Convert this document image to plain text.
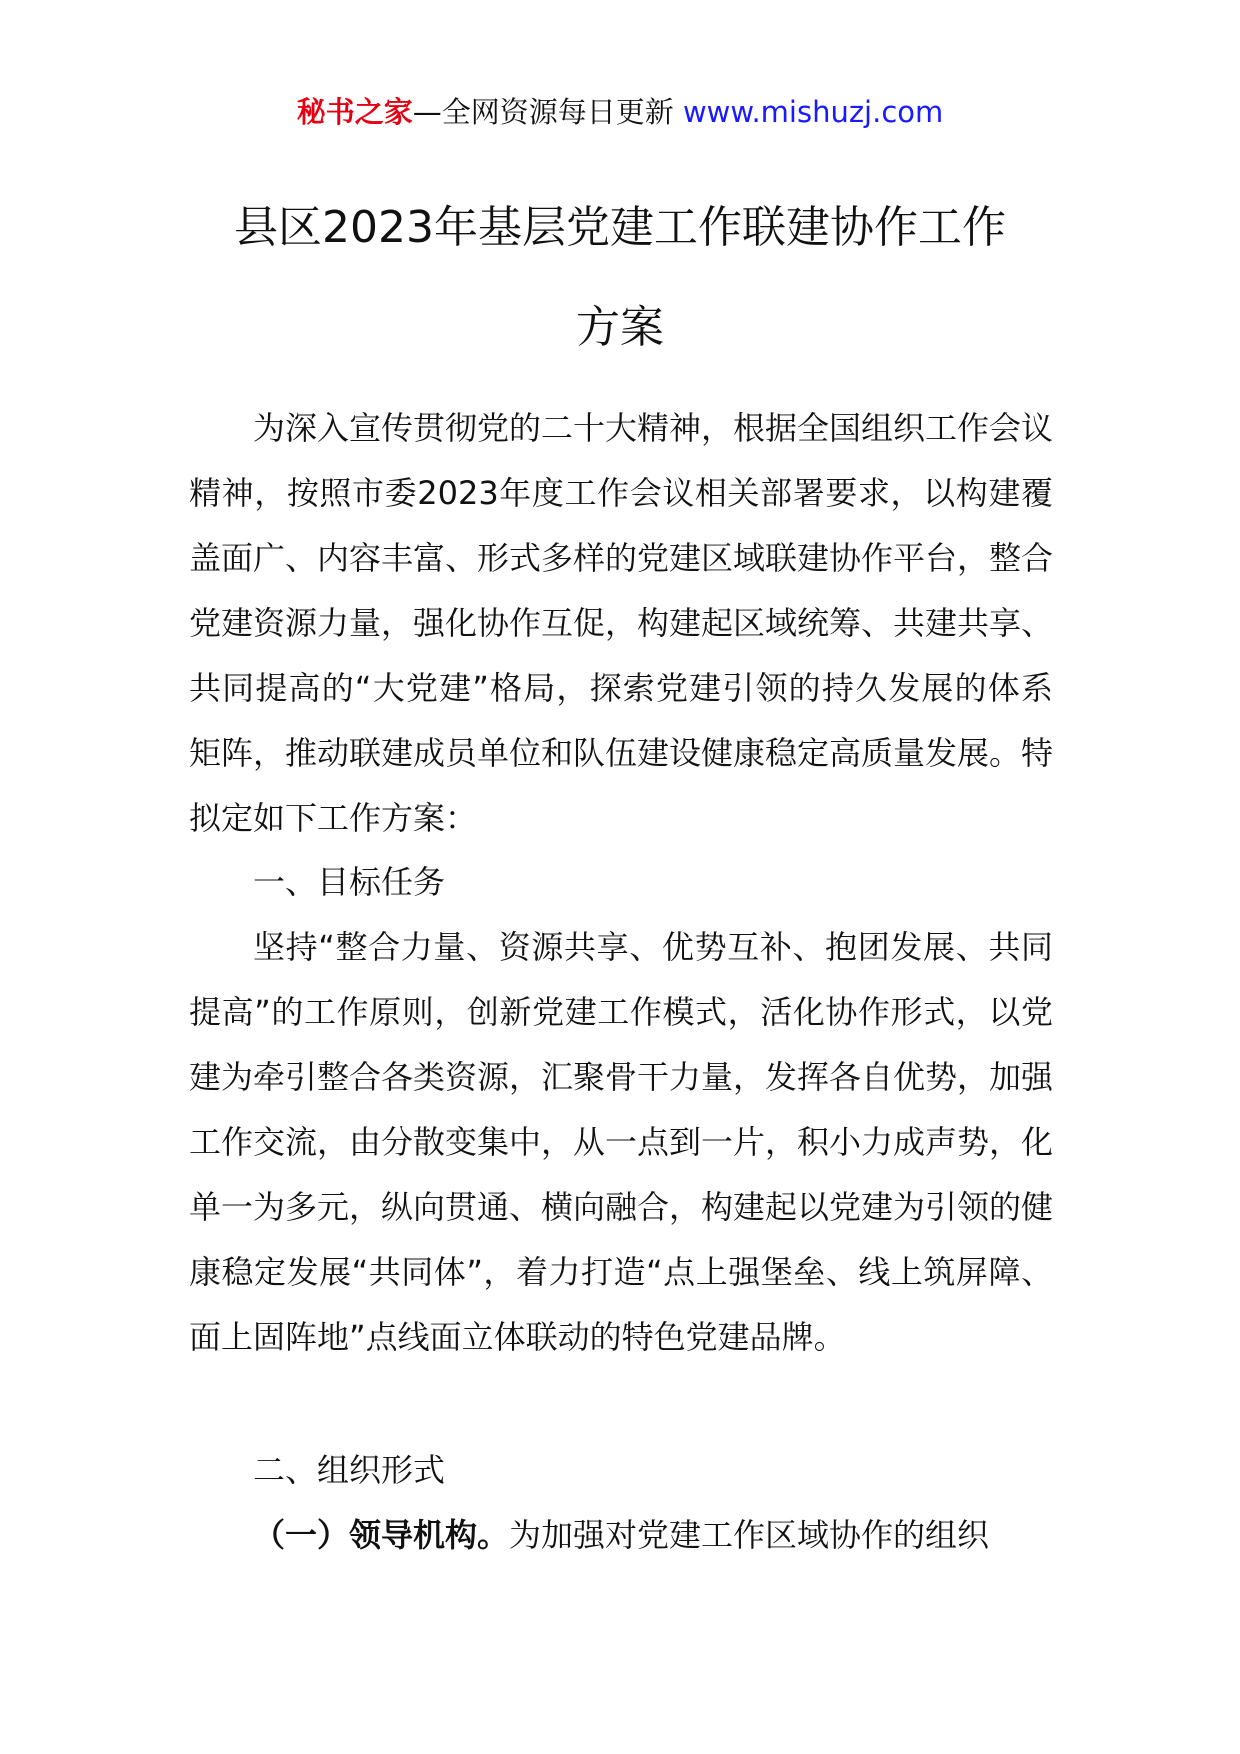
秘书之家—全网资源每日更新 www.mishuzj.com
县区2023年基层党建工作联建协作工作
方案

为深入宣传贯彻党的二十大精神，根据全国组织工作会议精神，按照市委2023年度工作会议相关部署要求，以构建覆盖面广、内容丰富、形式多样的党建区域联建协作平台，整合党建资源力量，强化协作互促，构建起区域统筹、共建共享、共同提高的“大党建”格局，探索党建引领的持久发展的体系矩阵，推动联建成员单位和队伍建设健康稳定高质量发展。特拟定如下工作方案：

一、目标任务

坚持“整合力量、资源共享、优势互补、抱团发展、共同提高”的工作原则，创新党建工作模式，活化协作形式，以党建为牵引整合各类资源，汇聚骨干力量，发挥各自优势，加强工作交流，由分散变集中，从一点到一片，积小力成声势，化单一为多元，纵向贯通、横向融合，构建起以党建为引领的健康稳定发展“共同体”，着力打造“点上强堡垒、线上筑屏障、面上固阵地”点线面立体联动的特色党建品牌。

二、组织形式

（一）领导机构。为加强对党建工作区域协作的组织
